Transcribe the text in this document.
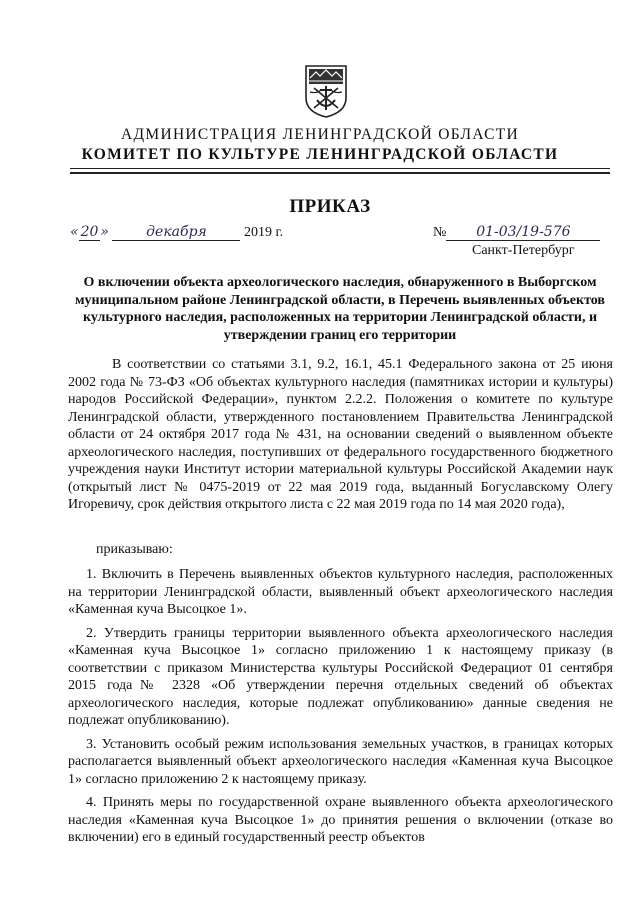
АДМИНИСТРАЦИЯ ЛЕНИНГРАДСКОЙ ОБЛАСТИ
КОМИТЕТ ПО КУЛЬТУРЕ ЛЕНИНГРАДСКОЙ ОБЛАСТИ
ПРИКАЗ
« 20 »	декабря	2019 г.	№ 01-03/19-576
Санкт-Петербург
О включении объекта археологического наследия, обнаруженного в Выборгском муниципальном районе Ленинградской области, в Перечень выявленных объектов культурного наследия, расположенных на территории Ленинградской области, и утверждении границ его территории
В соответствии со статьями 3.1, 9.2, 16.1, 45.1 Федерального закона от 25 июня 2002 года № 73-ФЗ «Об объектах культурного наследия (памятниках истории и культуры) народов Российской Федерации», пунктом 2.2.2. Положения о комитете по культуре Ленинградской области, утвержденного постановлением Правительства Ленинградской области от 24 октября 2017 года № 431, на основании сведений о выявленном объекте археологического наследия, поступивших от федерального государственного бюджетного учреждения науки Институт истории материальной культуры Российской Академии наук (открытый лист № 0475-2019 от 22 мая 2019 года, выданный Богуславскому Олегу Игоревичу, срок действия открытого листа с 22 мая 2019 года по 14 мая 2020 года),
приказываю:

1. Включить в Перечень выявленных объектов культурного наследия, расположенных на территории Ленинградской области, выявленный объект археологического наследия «Каменная куча Высоцкое 1».

2. Утвердить границы территории выявленного объекта археологического наследия «Каменная куча Высоцкое 1» согласно приложению 1 к настоящему приказу (в соответствии с приказом Министерства культуры Российской Федерациот 01 сентября 2015 года№ 2328 «Об утверждении перечня отдельных сведений об объектах археологического наследия, которые подлежат опубликованию» данные сведения не подлежат опубликованию).

3. Установить особый режим использования земельных участков, в границах которых располагается выявленный объект археологического наследия «Каменная куча Высоцкое 1» согласно приложению 2 к настоящему приказу.

4. Принять меры по государственной охране выявленного объекта археологического наследия «Каменная куча Высоцкое 1» до принятия решения о включении (отказе во включении) его в единый государственный реестр объектов
